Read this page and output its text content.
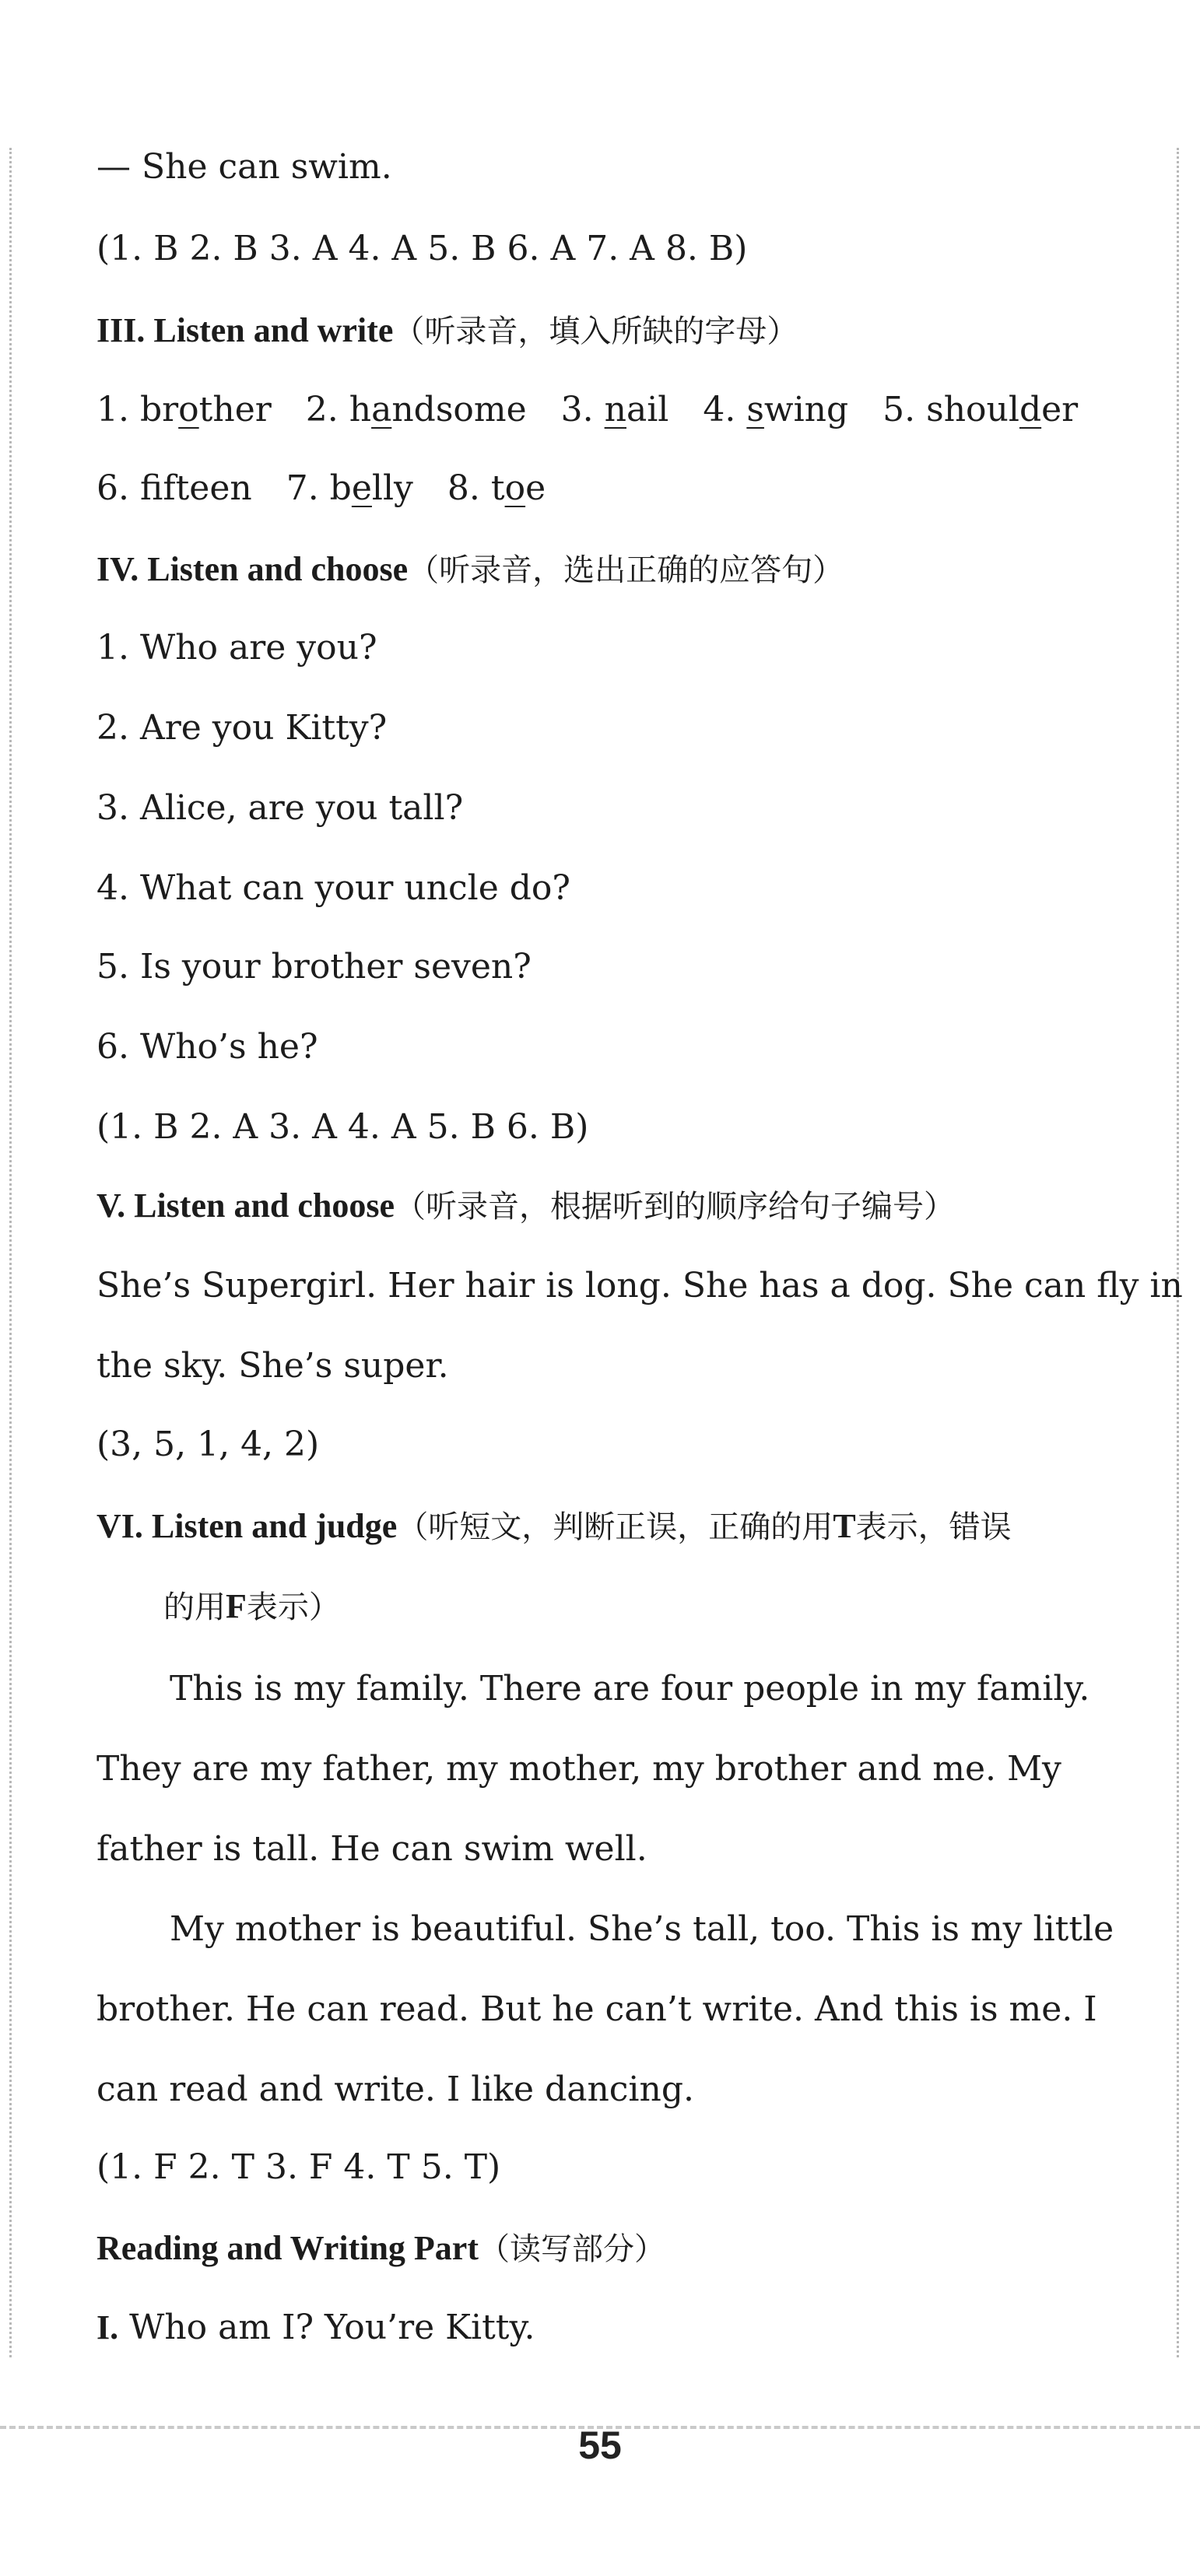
— She can swim.
(1. B 2. B 3. A 4. A 5. B 6. A 7. A 8. B)
III. Listen and write（听录音，填入所缺的字母）
1. brother 2. handsome 3. nail 4. swing 5. shoulder
6. ffteen 7. belly 8. toe
IV. Listen and choose（听录音，选出正确的应答句）
1. Who are you?
2. Are you Kitty?
3. Alice, are you tall?
4. What can your uncle do?
5. Is your brother seven?
6. Who’s he?
(1. B 2. A 3. A 4. A 5. B 6. B)
V. Listen and choose（听录音，根据听到的顺序给句子编号）
She’s Supergirl. Her hair is long. She has a dog. She can fly in
the sky. She’s super.
(3, 5, 1, 4, 2)
VI. Listen and judge（听短文，判断正误，正确的用T表示，错误
的用F表示）
This is my family. There are four people in my family.
They are my father, my mother, my brother and me. My
father is tall. He can swim well.
My mother is beautiful. She’s tall, too. This is my little
brother. He can read. But he can’t write. And this is me. I
can read and write. I like dancing.
(1. F 2. T 3. F 4. T 5. T)
Reading and Writing Part（读写部分）
I. Who am I? You’re Kitty.
55
